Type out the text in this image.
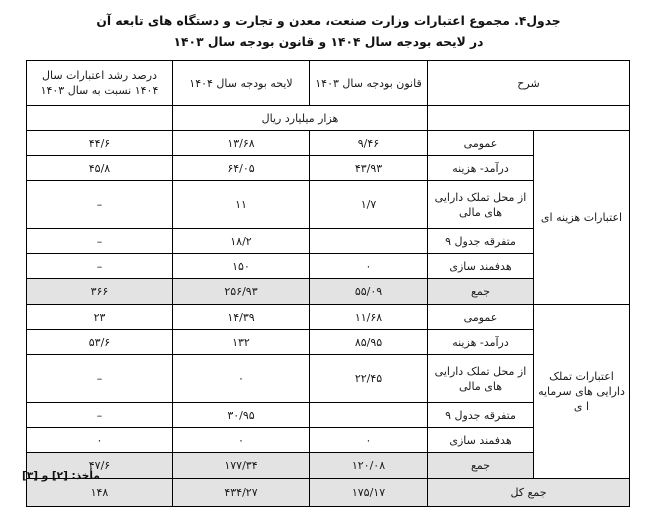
جدول۴. مجموع اعتبارات وزارت صنعت، معدن و تجارت و دستگاه های تابعه آن
در لایحه بودجه سال ۱۴۰۴ و قانون بودجه سال ۱۴۰۳
شرح		قانون بودجه سال ۱۴۰۳	لایحه بودجه سال ۱۴۰۴	درصد رشد اعتبارات سال ۱۴۰۴ نسبت به سال ۱۴۰۳
		هزار میلیارد ریال		
اعتبارات هزینه ای	عمومی	۹/۴۶	۱۳/۶۸	۴۴/۶
	درآمد- هزینه	۴۳/۹۳	۶۴/۰۵	۴۵/۸
	از محل تملک دارایی های مالی	۱/۷	۱۱	–
	متفرقه جدول ۹		۱۸/۲	–
	هدفمند سازی	۰	۱۵۰	–
	جمع	۵۵/۰۹	۲۵۶/۹۳	۳۶۶
اعتبارات تملک دارایی های سرمایه ا ی	عمومی	۱۱/۶۸	۱۴/۳۹	۲۳
	درآمد- هزینه	۸۵/۹۵	۱۳۲	۵۳/۶
	از محل تملک دارایی های مالی	۲۲/۴۵	۰	–
	متفرقه جدول ۹		۳۰/۹۵	–
	هدفمند سازی	۰	۰	۰
	جمع	۱۲۰/۰۸	۱۷۷/۳۴	۴۷/۶
جمع کل		۱۷۵/۱۷	۴۳۴/۲۷	۱۴۸
مأخذ: [۲] و [۳]
